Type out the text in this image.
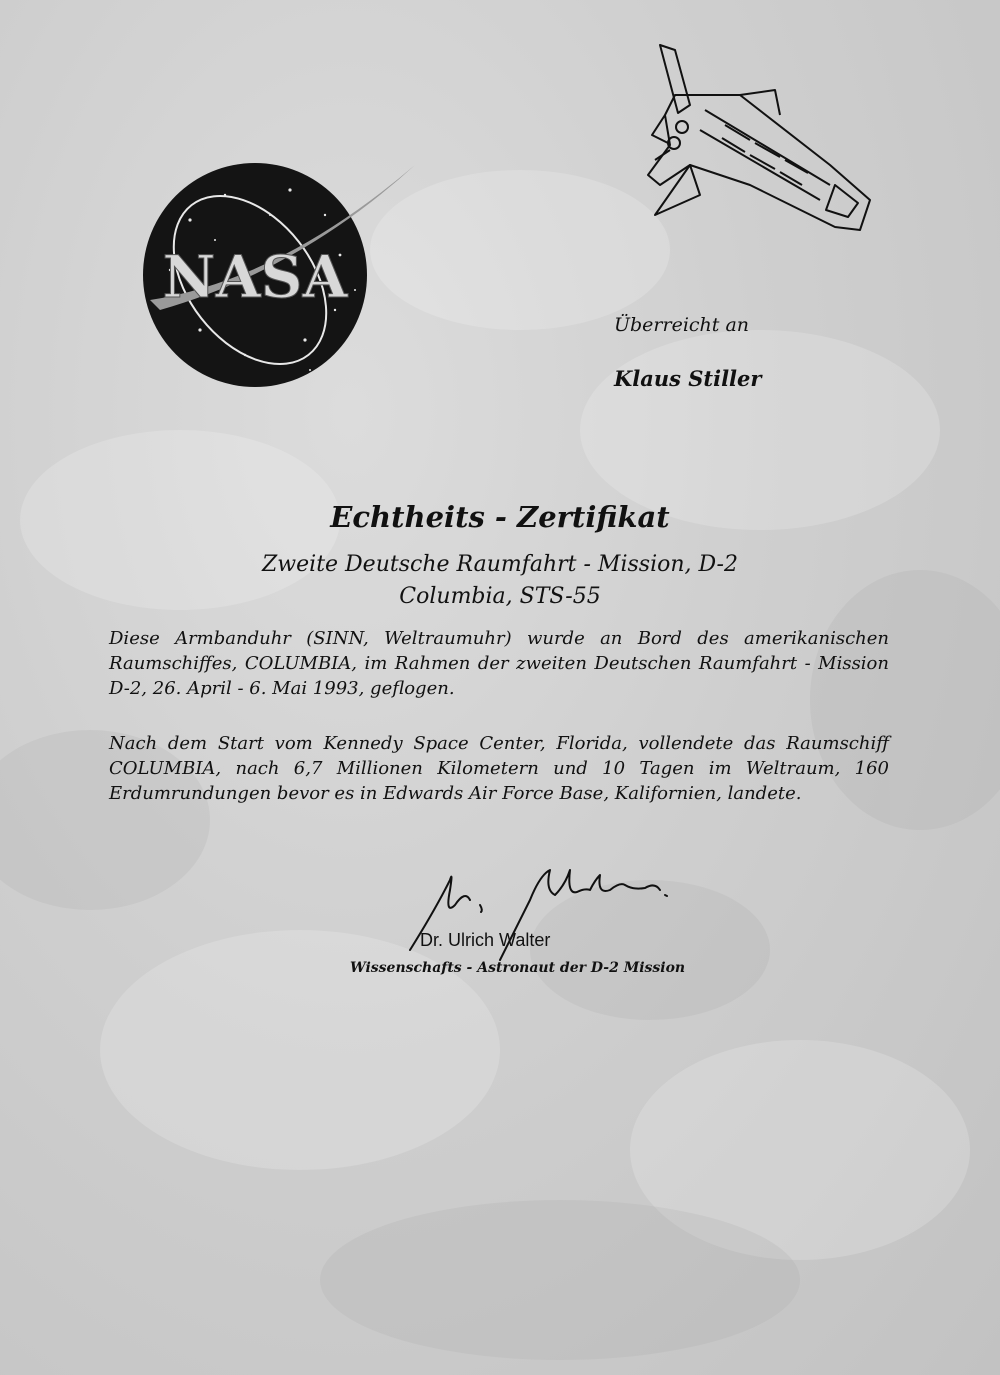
NASA

Überreicht an

Klaus Stiller

Echtheits - Zertifikat

Zweite Deutsche Raumfahrt - Mission, D-2

Columbia, STS-55

Diese Armbanduhr (SINN, Weltraumuhr) wurde an Bord des amerikanischen Raumschiffes, COLUMBIA, im Rahmen der zweiten Deutschen Raumfahrt - Mission D-2, 26. April - 6. Mai 1993, geflogen.

Nach dem Start vom Kennedy Space Center, Florida, vollendete das Raumschiff COLUMBIA, nach 6,7 Millionen Kilometern und 10 Tagen im Weltraum, 160 Erdumrundungen bevor es in Edwards Air Force Base, Kalifornien, landete.

Dr. Ulrich Walter

Wissenschafts - Astronaut der D-2 Mission
